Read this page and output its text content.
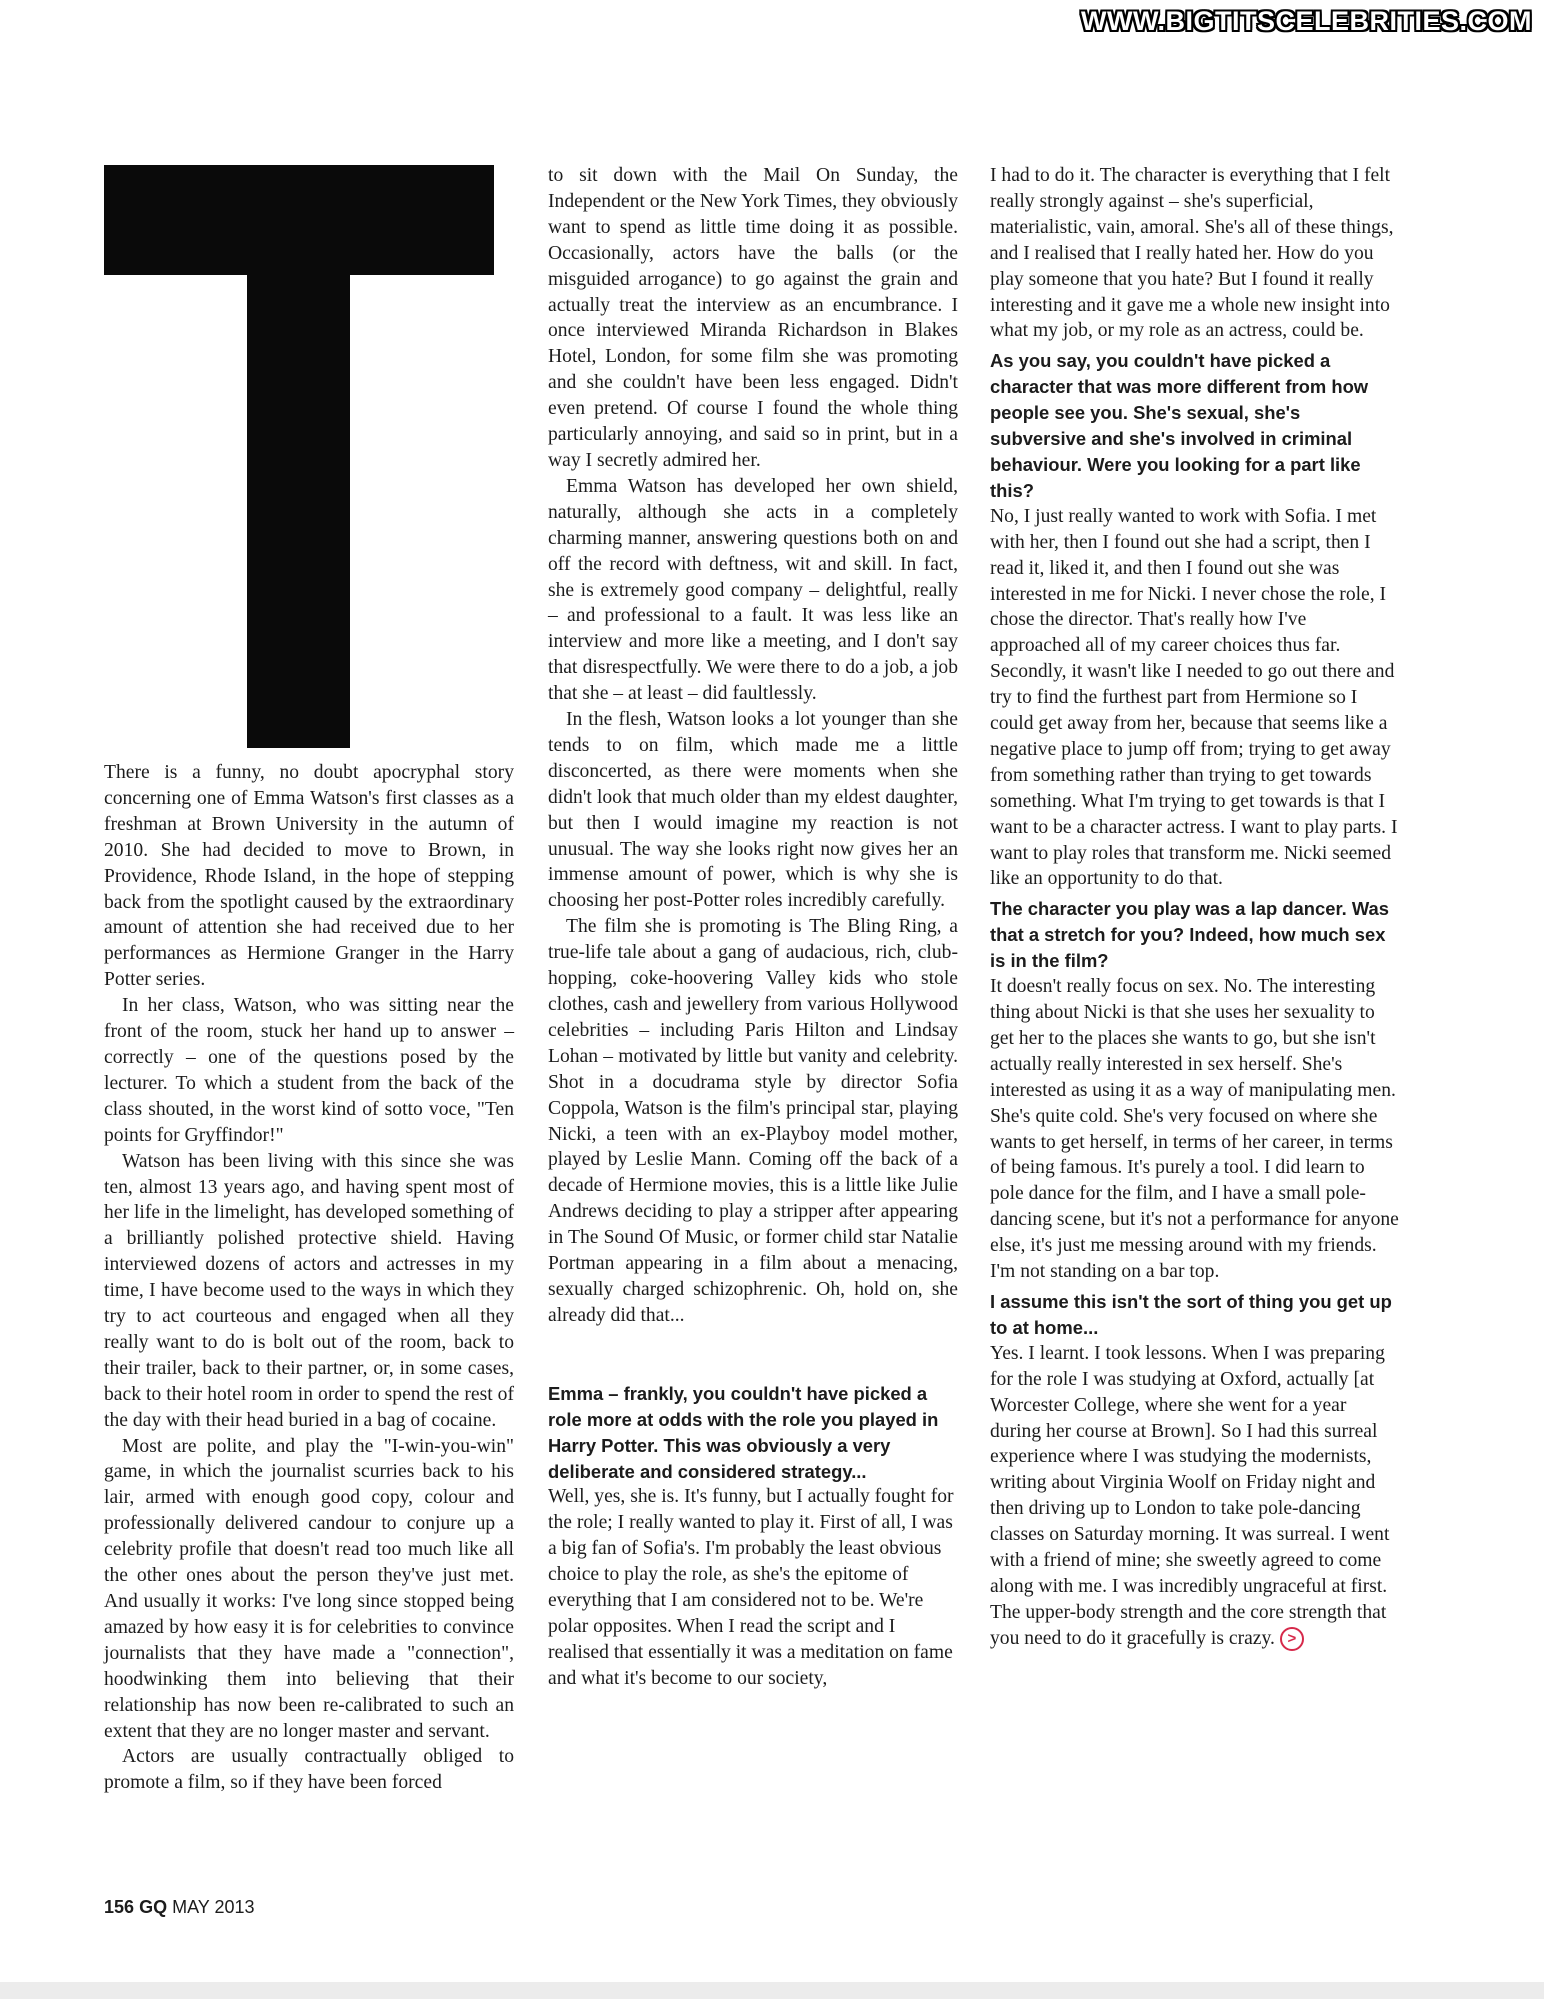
WWW.BIGTITSCELEBRITIES.COM

There is a funny, no doubt apocryphal story concerning one of Emma Watson's first classes as a freshman at Brown University in the autumn of 2010. She had decided to move to Brown, in Providence, Rhode Island, in the hope of stepping back from the spotlight caused by the extraordinary amount of attention she had received due to her performances as Hermione Granger in the Harry Potter series.

In her class, Watson, who was sitting near the front of the room, stuck her hand up to answer – correctly – one of the questions posed by the lecturer. To which a student from the back of the class shouted, in the worst kind of sotto voce, "Ten points for Gryffindor!"

Watson has been living with this since she was ten, almost 13 years ago, and having spent most of her life in the limelight, has developed something of a brilliantly polished protective shield. Having interviewed dozens of actors and actresses in my time, I have become used to the ways in which they try to act courteous and engaged when all they really want to do is bolt out of the room, back to their trailer, back to their partner, or, in some cases, back to their hotel room in order to spend the rest of the day with their head buried in a bag of cocaine.

Most are polite, and play the "I-win-you-win" game, in which the journalist scurries back to his lair, armed with enough good copy, colour and professionally delivered candour to conjure up a celebrity profile that doesn't read too much like all the other ones about the person they've just met. And usually it works: I've long since stopped being amazed by how easy it is for celebrities to convince journalists that they have made a "connection", hoodwinking them into believing that their relationship has now been re-calibrated to such an extent that they are no longer master and servant.

Actors are usually contractually obliged to promote a film, so if they have been forced

to sit down with the Mail On Sunday, the Independent or the New York Times, they obviously want to spend as little time doing it as possible. Occasionally, actors have the balls (or the misguided arrogance) to go against the grain and actually treat the interview as an encumbrance. I once interviewed Miranda Richardson in Blakes Hotel, London, for some film she was promoting and she couldn't have been less engaged. Didn't even pretend. Of course I found the whole thing particularly annoying, and said so in print, but in a way I secretly admired her.

Emma Watson has developed her own shield, naturally, although she acts in a completely charming manner, answering questions both on and off the record with deftness, wit and skill. In fact, she is extremely good company – delightful, really – and professional to a fault. It was less like an interview and more like a meeting, and I don't say that disrespectfully. We were there to do a job, a job that she – at least – did faultlessly.

In the flesh, Watson looks a lot younger than she tends to on film, which made me a little disconcerted, as there were moments when she didn't look that much older than my eldest daughter, but then I would imagine my reaction is not unusual. The way she looks right now gives her an immense amount of power, which is why she is choosing her post-Potter roles incredibly carefully.

The film she is promoting is The Bling Ring, a true-life tale about a gang of audacious, rich, club-hopping, coke-hoovering Valley kids who stole clothes, cash and jewellery from various Hollywood celebrities – including Paris Hilton and Lindsay Lohan – motivated by little but vanity and celebrity. Shot in a docudrama style by director Sofia Coppola, Watson is the film's principal star, playing Nicki, a teen with an ex-Playboy model mother, played by Leslie Mann. Coming off the back of a decade of Hermione movies, this is a little like Julie Andrews deciding to play a stripper after appearing in The Sound Of Music, or former child star Natalie Portman appearing in a film about a menacing, sexually charged schizophrenic. Oh, hold on, she already did that...

Emma – frankly, you couldn't have picked a role more at odds with the role you played in Harry Potter. This was obviously a very deliberate and considered strategy...

Well, yes, she is. It's funny, but I actually fought for the role; I really wanted to play it. First of all, I was a big fan of Sofia's. I'm probably the least obvious choice to play the role, as she's the epitome of everything that I am considered not to be. We're polar opposites. When I read the script and I realised that essentially it was a meditation on fame and what it's become to our society,

I had to do it. The character is everything that I felt really strongly against – she's superficial, materialistic, vain, amoral. She's all of these things, and I realised that I really hated her. How do you play someone that you hate? But I found it really interesting and it gave me a whole new insight into what my job, or my role as an actress, could be.

As you say, you couldn't have picked a character that was more different from how people see you. She's sexual, she's subversive and she's involved in criminal behaviour. Were you looking for a part like this?

No, I just really wanted to work with Sofia. I met with her, then I found out she had a script, then I read it, liked it, and then I found out she was interested in me for Nicki. I never chose the role, I chose the director. That's really how I've approached all of my career choices thus far. Secondly, it wasn't like I needed to go out there and try to find the furthest part from Hermione so I could get away from her, because that seems like a negative place to jump off from; trying to get away from something rather than trying to get towards something. What I'm trying to get towards is that I want to be a character actress. I want to play parts. I want to play roles that transform me. Nicki seemed like an opportunity to do that.

The character you play was a lap dancer. Was that a stretch for you? Indeed, how much sex is in the film?

It doesn't really focus on sex. No. The interesting thing about Nicki is that she uses her sexuality to get her to the places she wants to go, but she isn't actually really interested in sex herself. She's interested as using it as a way of manipulating men. She's quite cold. She's very focused on where she wants to get herself, in terms of her career, in terms of being famous. It's purely a tool. I did learn to pole dance for the film, and I have a small pole-dancing scene, but it's not a performance for anyone else, it's just me messing around with my friends. I'm not standing on a bar top.

I assume this isn't the sort of thing you get up to at home...

Yes. I learnt. I took lessons. When I was preparing for the role I was studying at Oxford, actually [at Worcester College, where she went for a year during her course at Brown]. So I had this surreal experience where I was studying the modernists, writing about Virginia Woolf on Friday night and then driving up to London to take pole-dancing classes on Saturday morning. It was surreal. I went with a friend of mine; she sweetly agreed to come along with me. I was incredibly ungraceful at first. The upper-body strength and the core strength that you need to do it gracefully is crazy. >

156 GQ MAY 2013
